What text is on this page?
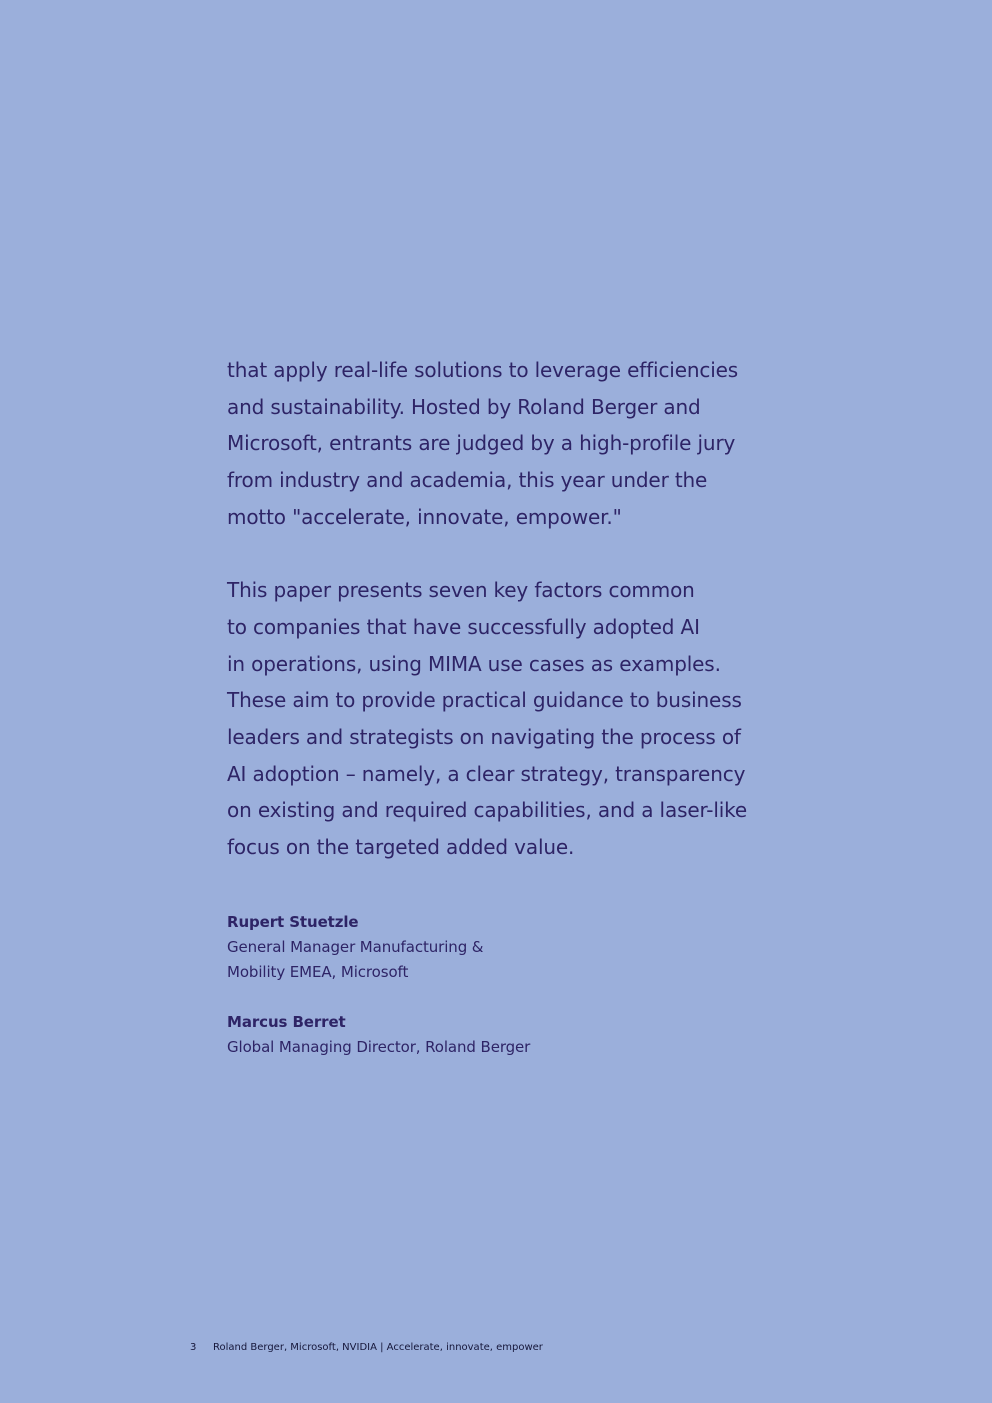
that apply real-life solutions to leverage efficiencies
and sustainability. Hosted by Roland Berger and
Microsoft, entrants are judged by a high-profile jury
from industry and academia, this year under the
motto "accelerate, innovate, empower."

This paper presents seven key factors common
to companies that have successfully adopted AI
in operations, using MIMA use cases as examples.
These aim to provide practical guidance to business
leaders and strategists on navigating the process of
AI adoption – namely, a clear strategy, transparency
on existing and required capabilities, and a laser-like
focus on the targeted added value.

Rupert Stuetzle
General Manager Manufacturing &
Mobility EMEA, Microsoft
Marcus Berret
Global Managing Director, Roland Berger
3 Roland Berger, Microsoft, NVIDIA | Accelerate, innovate, empower
